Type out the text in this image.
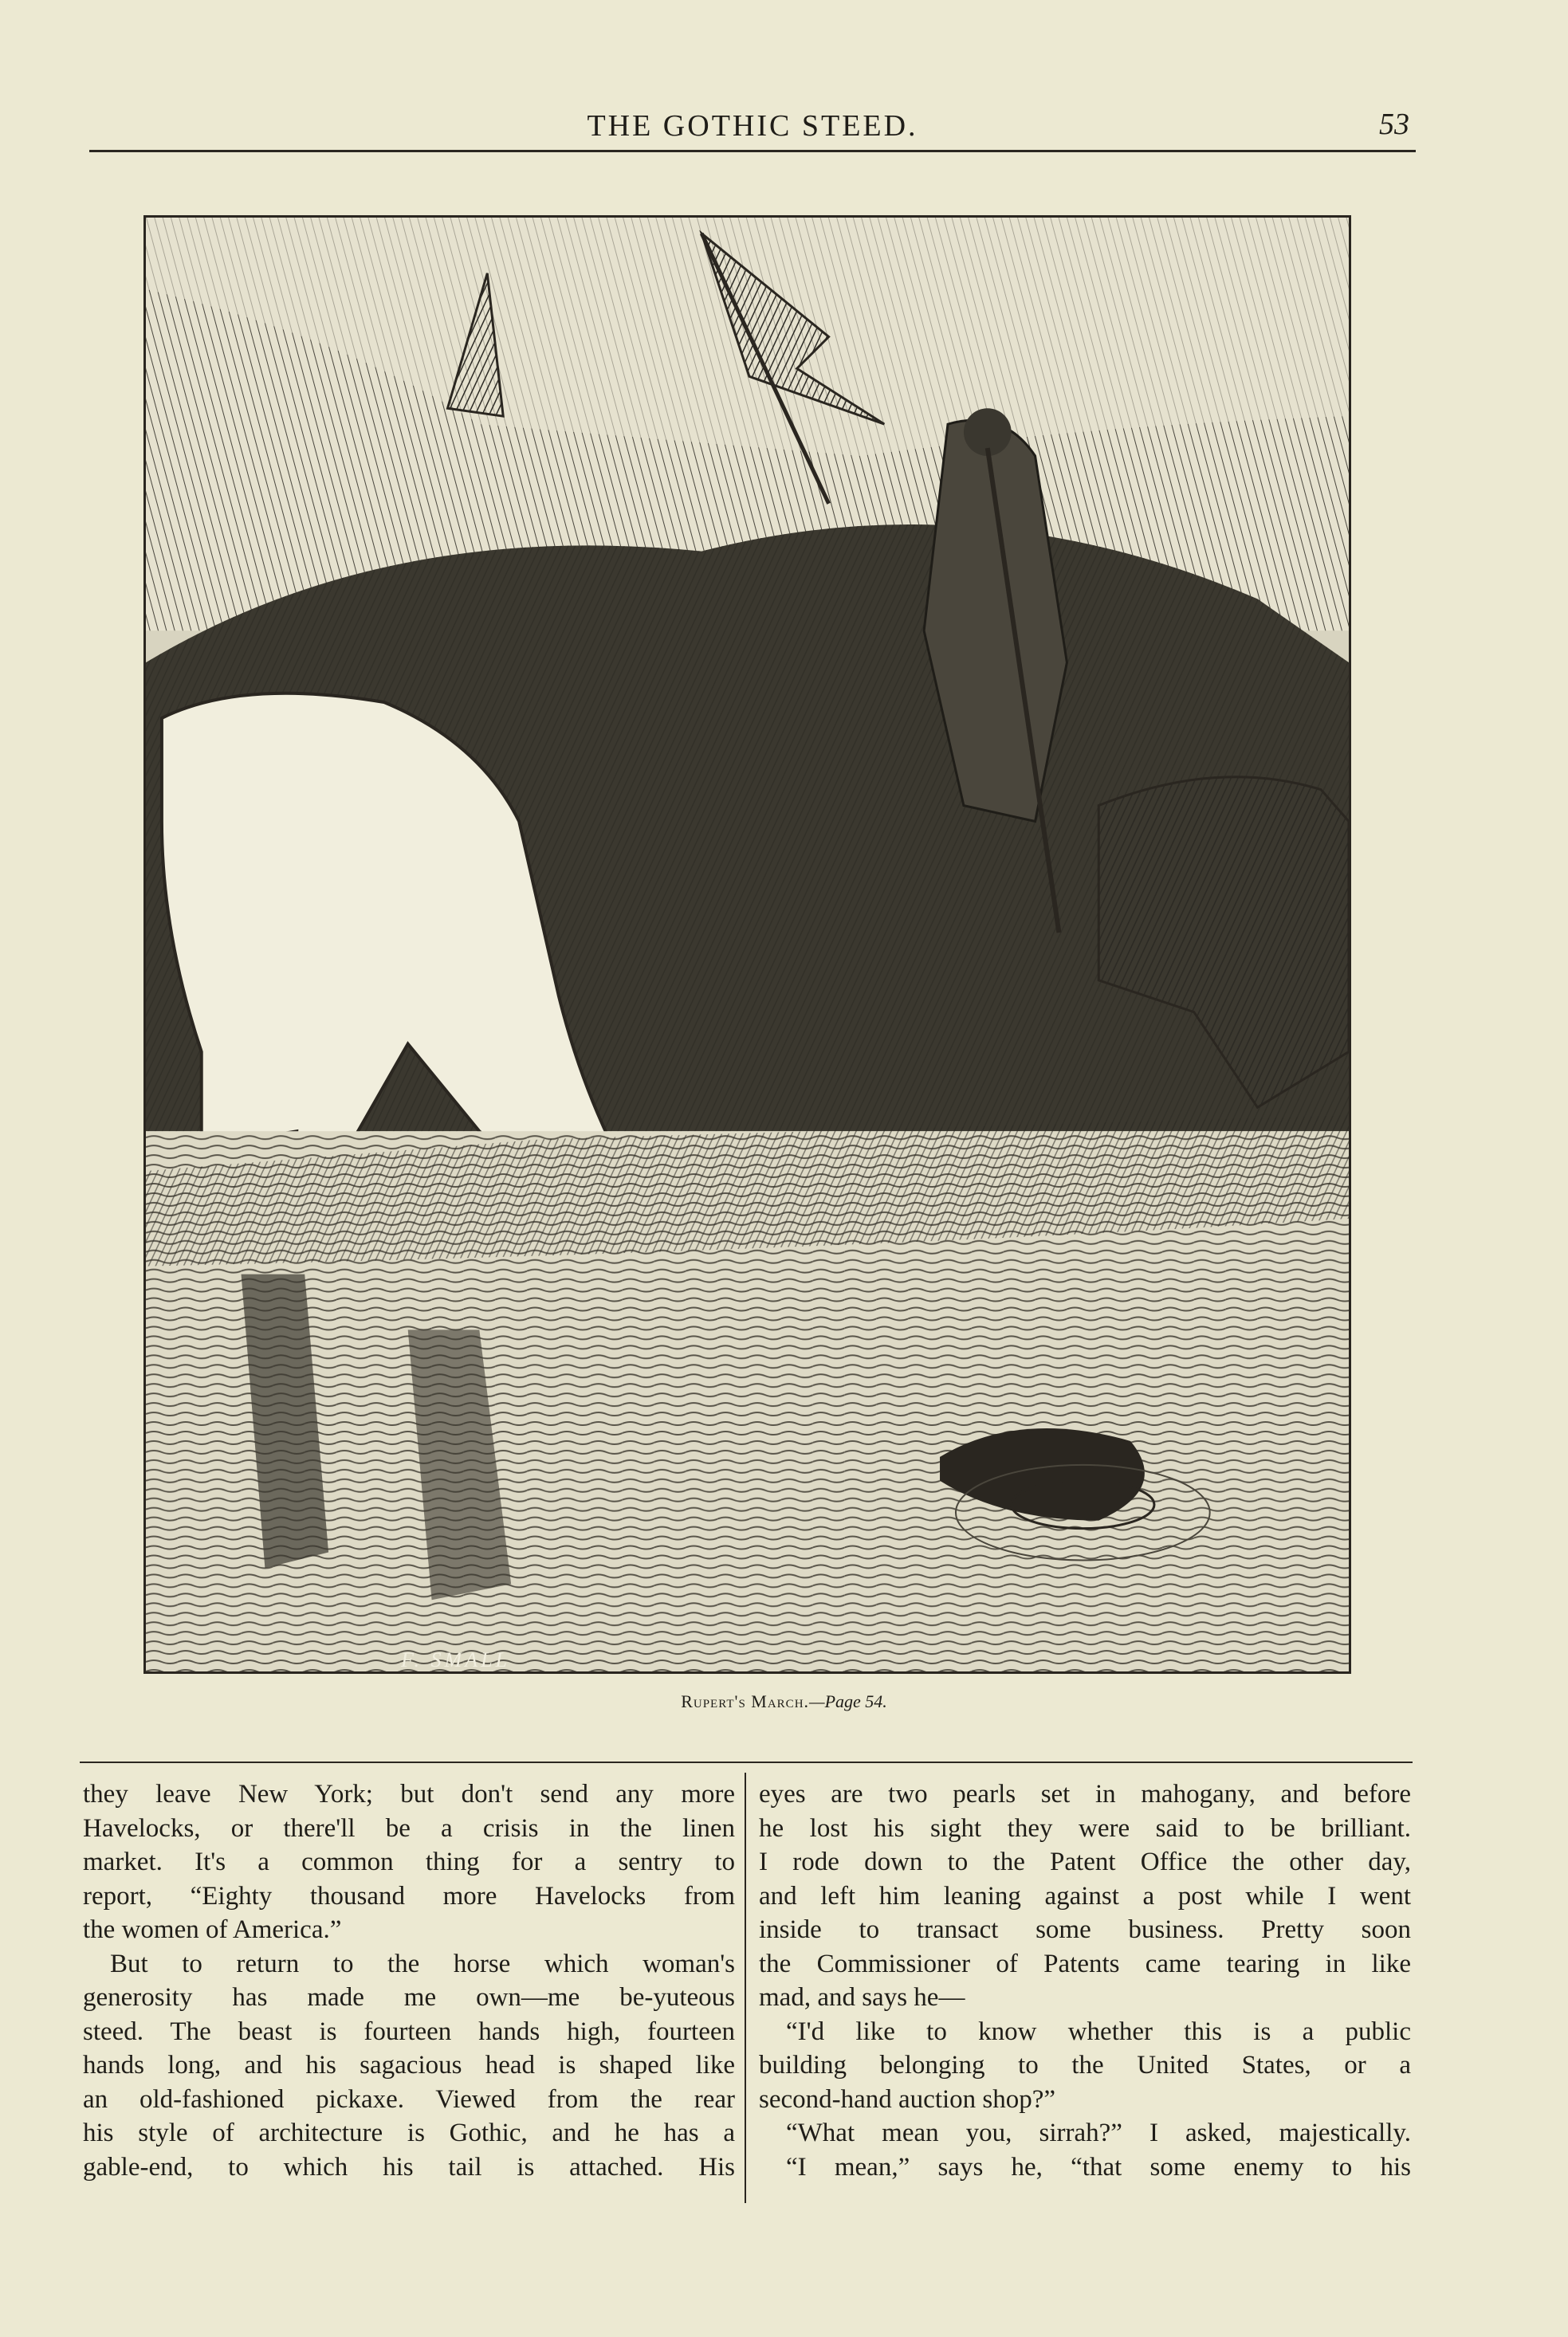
THE GOTHIC STEED.	53
F. SMALL
Rupert's March.—Page 54.
they leave New York; but don't send any more
Havelocks, or there'll be a crisis in the linen
market. It's a common thing for a sentry to
report, “Eighty thousand more Havelocks from
the women of America.”
But to return to the horse which woman's
generosity has made me own—me be-yuteous
steed. The beast is fourteen hands high, fourteen
hands long, and his sagacious head is shaped like
an old-fashioned pickaxe. Viewed from the rear
his style of architecture is Gothic, and he has a
gable-end, to which his tail is attached. His
eyes are two pearls set in mahogany, and before
he lost his sight they were said to be brilliant.
I rode down to the Patent Office the other day,
and left him leaning against a post while I went
inside to transact some business. Pretty soon
the Commissioner of Patents came tearing in like
mad, and says he—
“I'd like to know whether this is a public
building belonging to the United States, or a
second-hand auction shop?”
“What mean you, sirrah?” I asked, majestically.
“I mean,” says he, “that some enemy to his
